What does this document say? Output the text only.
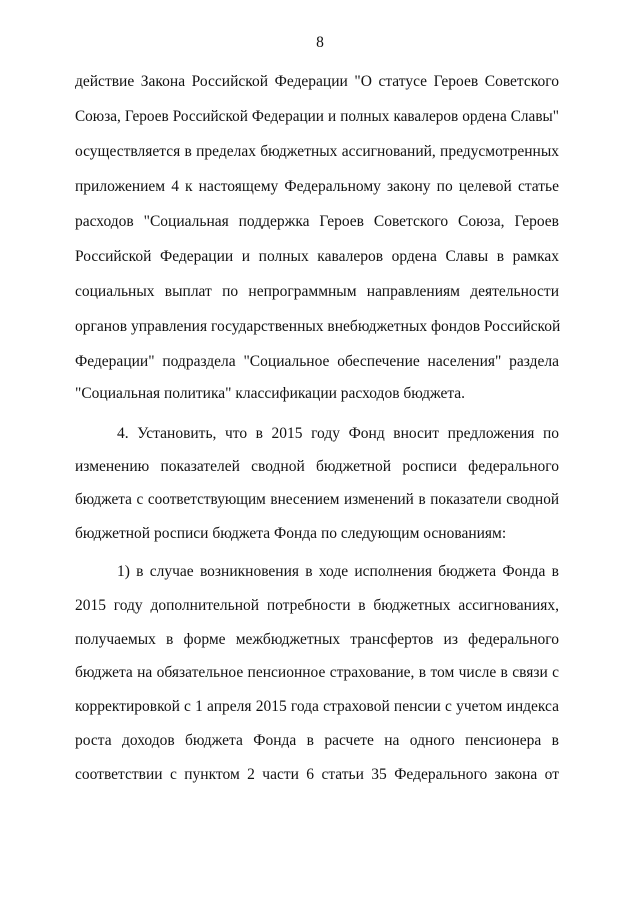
8
действие Закона Российской Федерации "О статусе Героев Советского
Союза, Героев Российской Федерации и полных кавалеров ордена Славы"
осуществляется в пределах бюджетных ассигнований, предусмотренных
приложением 4 к настоящему Федеральному закону по целевой статье
расходов "Социальная поддержка Героев Советского Союза, Героев
Российской Федерации и полных кавалеров ордена Славы в рамках
социальных выплат по непрограммным направлениям деятельности
органов управления государственных внебюджетных фондов Российской
Федерации" подраздела "Социальное обеспечение населения" раздела
"Социальная политика" классификации расходов бюджета.
4. Установить, что в 2015 году Фонд вносит предложения по
изменению показателей сводной бюджетной росписи федерального
бюджета с соответствующим внесением изменений в показатели сводной
бюджетной росписи бюджета Фонда по следующим основаниям:
1) в случае возникновения в ходе исполнения бюджета Фонда в
2015 году дополнительной потребности в бюджетных ассигнованиях,
получаемых в форме межбюджетных трансфертов из федерального
бюджета на обязательное пенсионное страхование, в том числе в связи с
корректировкой с 1 апреля 2015 года страховой пенсии с учетом индекса
роста доходов бюджета Фонда в расчете на одного пенсионера в
соответствии с пунктом 2 части 6 статьи 35 Федерального закона от
